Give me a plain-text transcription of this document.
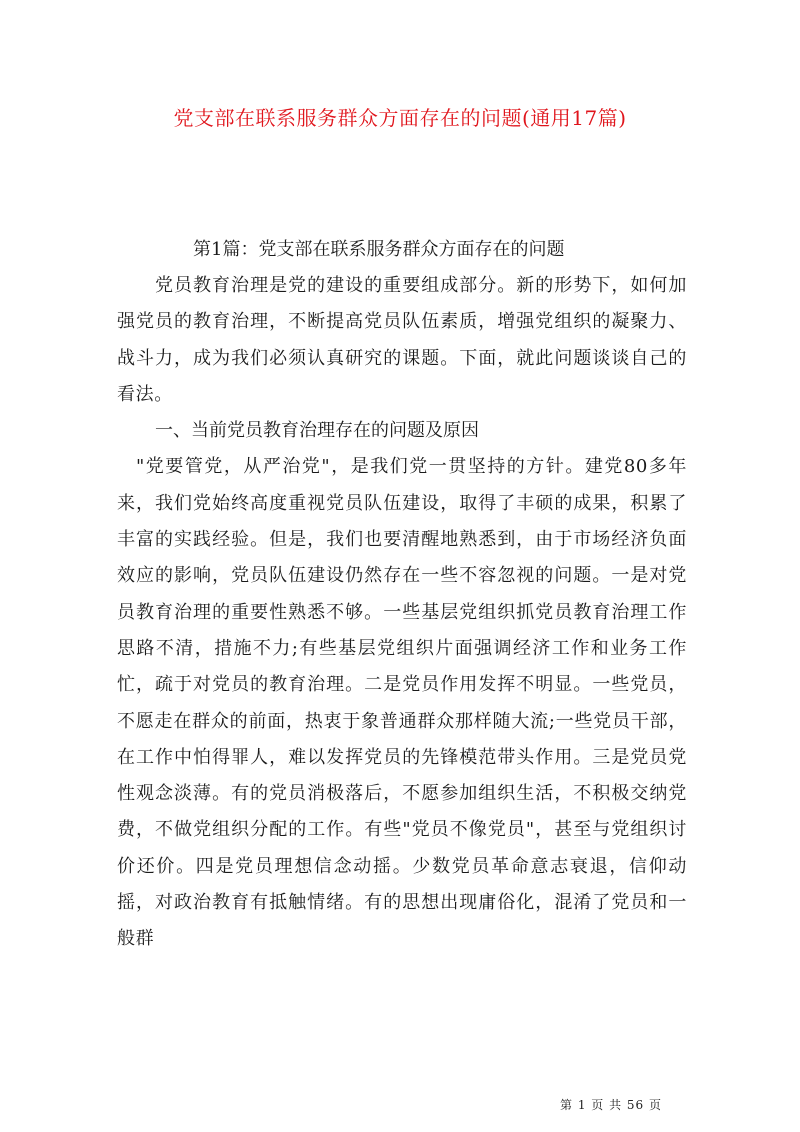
党支部在联系服务群众方面存在的问题(通用17篇)
第1篇：党支部在联系服务群众方面存在的问题

党员教育治理是党的建设的重要组成部分。新的形势下，如何加强党员的教育治理，不断提高党员队伍素质，增强党组织的凝聚力、战斗力，成为我们必须认真研究的课题。下面，就此问题谈谈自己的看法。

一、当前党员教育治理存在的问题及原因

"党要管党，从严治党"，是我们党一贯坚持的方针。建党80多年来，我们党始终高度重视党员队伍建设，取得了丰硕的成果，积累了丰富的实践经验。但是，我们也要清醒地熟悉到，由于市场经济负面效应的影响，党员队伍建设仍然存在一些不容忽视的问题。一是对党员教育治理的重要性熟悉不够。一些基层党组织抓党员教育治理工作思路不清，措施不力;有些基层党组织片面强调经济工作和业务工作忙，疏于对党员的教育治理。二是党员作用发挥不明显。一些党员，不愿走在群众的前面，热衷于象普通群众那样随大流;一些党员干部，在工作中怕得罪人，难以发挥党员的先锋模范带头作用。三是党员党性观念淡薄。有的党员消极落后，不愿参加组织生活，不积极交纳党费，不做党组织分配的工作。有些"党员不像党员"，甚至与党组织讨价还价。四是党员理想信念动摇。少数党员革命意志衰退，信仰动摇，对政治教育有抵触情绪。有的思想出现庸俗化，混淆了党员和一般群

第 1 页 共 56 页
